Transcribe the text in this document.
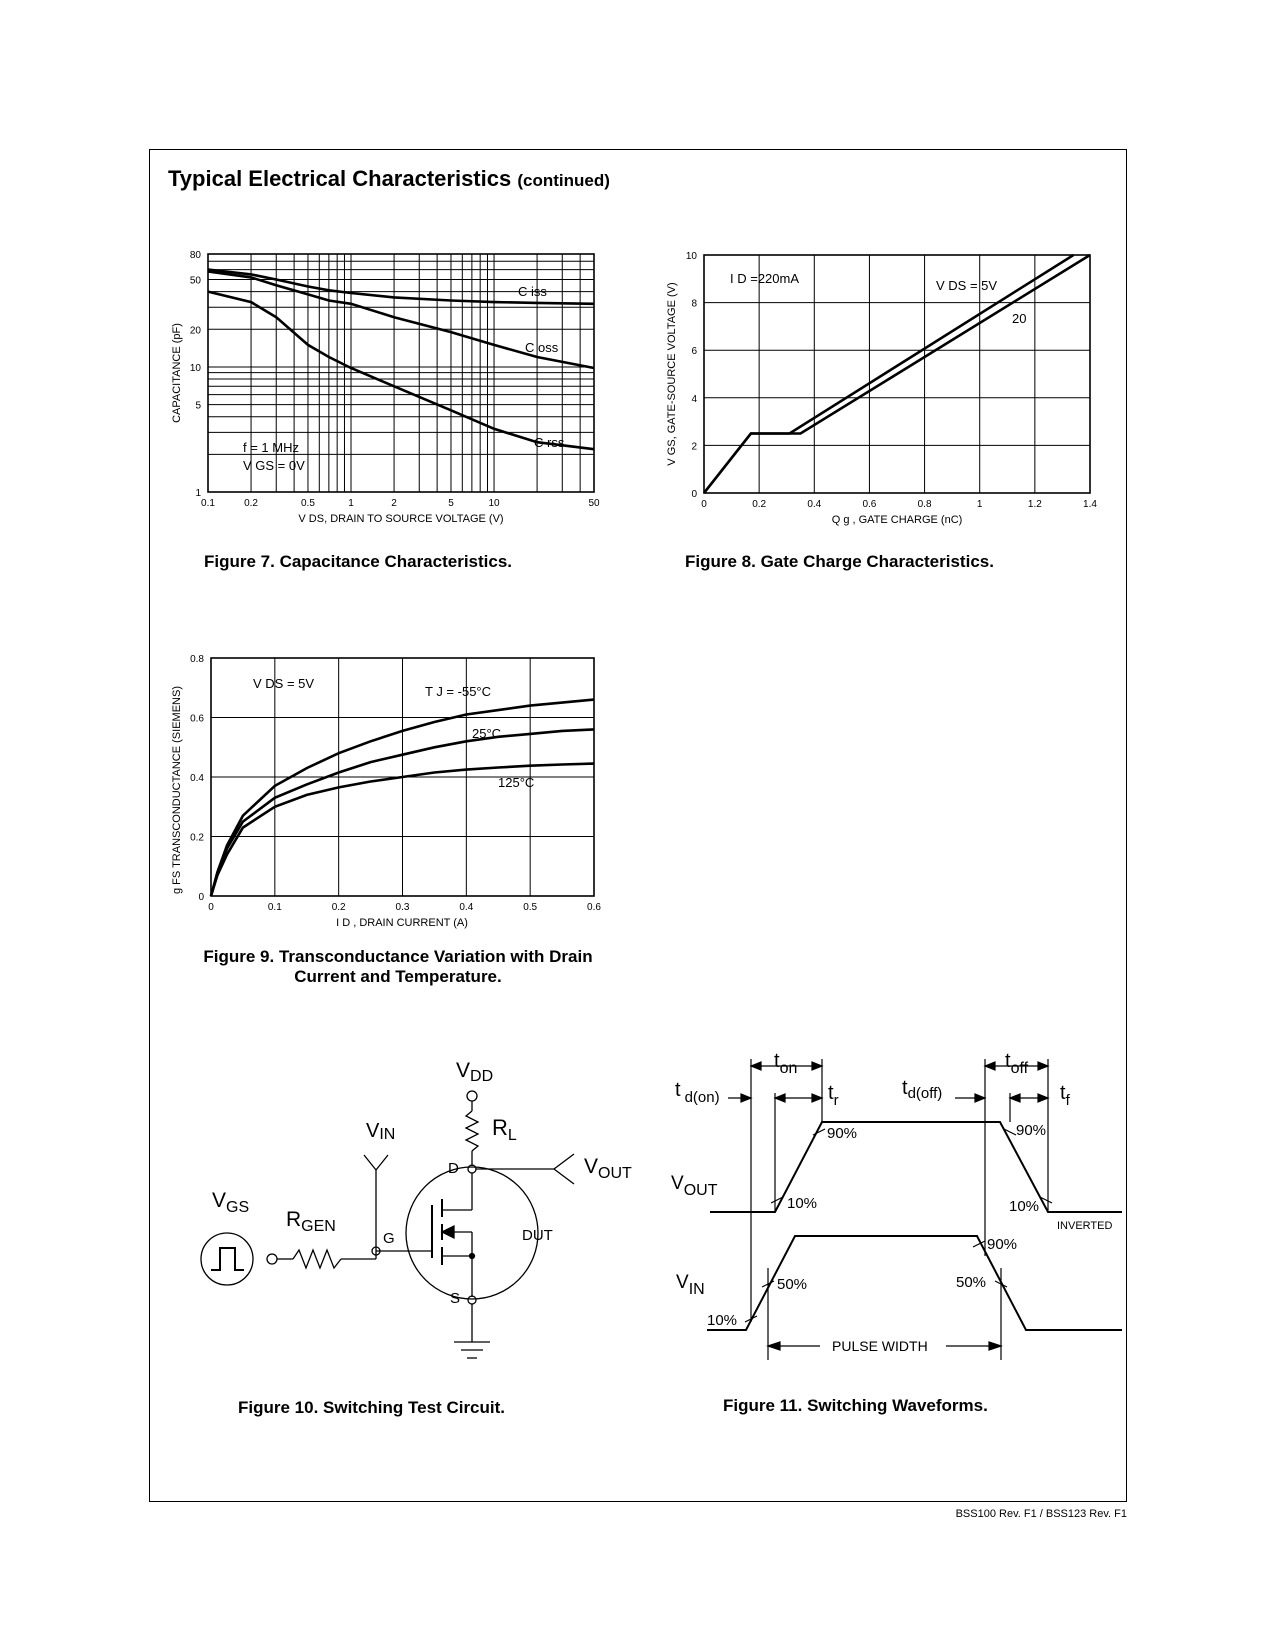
Typical Electrical Characteristics (continued)
Figure 7. Capacitance Characteristics.	Figure 8. Gate Charge Characteristics.
Figure 9. Transconductance Variation with Drain
Current and Temperature.
Figure 10. Switching Test Circuit.	Figure 11. Switching Waveforms.
BSS100 Rev. F1 / BSS123 Rev. F1
0.1	0.2	0.5	1	2	5	10	50
1
5
10
20
50
80
V DS, DRAIN TO SOURCE VOLTAGE (V)
CAPACITANCE (pF)
C iss
C oss
C rss
f = 1 MHz
V GS = 0V
0	0.2	0.4	0.6	0.8	1	1.2	1.4
0
2
4
6
8
10
Q g , GATE CHARGE (nC)
V GS, GATE-SOURCE VOLTAGE (V)
I D =220mA	V DS = 5V
20
0	0.1	0.2	0.3	0.4	0.5	0.6
0
0.2
0.4
0.6
0.8
I D , DRAIN CURRENT (A)
g FS TRANSCONDUCTANCE (SIEMENS)
V DS = 5V
T J = -55°C
25°C
125°C
VDD
$R_L$
VIN
D	$V_{OUT}$
$V_{GS}$
$R_{GEN}$
G	DUT
S
$t_{on}$	$t_{off}$
t $_{d(on)}$	$t_r$
$t_{d(off)}$	$t_f$
$V_{OUT}$
$V_{IN}$
90%	90%
10%	10%
INVERTED
90%
50%	50%
10%
PULSE WIDTH
